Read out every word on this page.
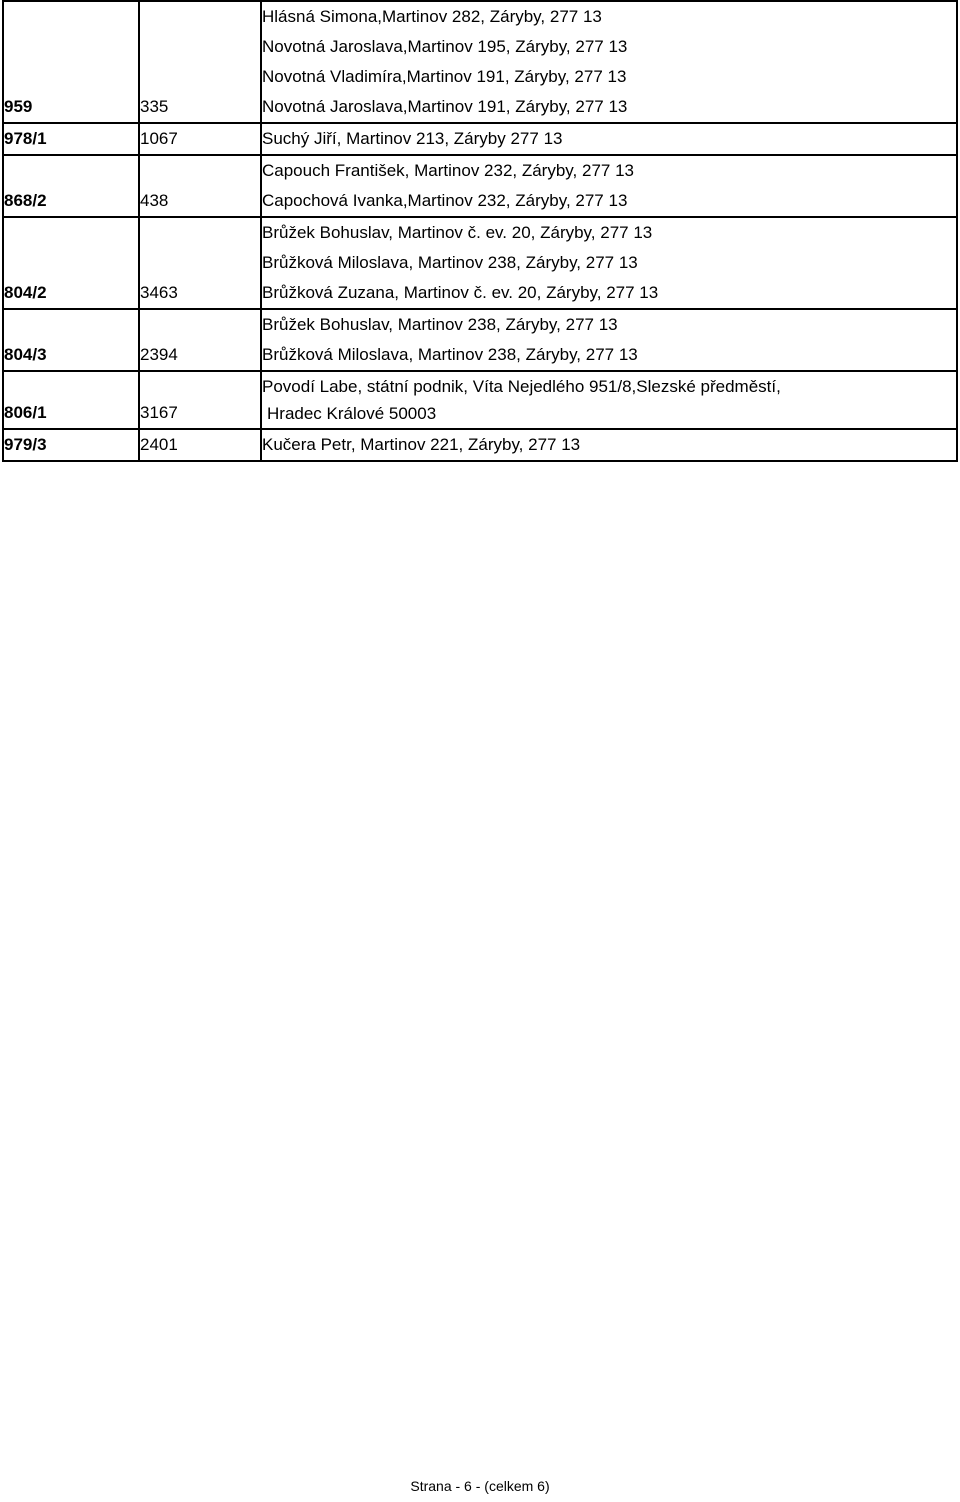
959	335	Hlásná Simona,Martinov 282, Záryby, 277 13
Novotná Jaroslava,Martinov 195, Záryby, 277 13
Novotná Vladimíra,Martinov 191, Záryby, 277 13
Novotná Jaroslava,Martinov 191, Záryby, 277 13

978/1	1067	Suchý Jiří, Martinov 213, Záryby 277 13

868/2	438	Capouch František, Martinov 232, Záryby, 277 13
Capochová Ivanka,Martinov 232, Záryby, 277 13

804/2	3463	Brůžek Bohuslav, Martinov č. ev. 20, Záryby, 277 13
Brůžková Miloslava, Martinov 238, Záryby, 277 13
Brůžková Zuzana, Martinov č. ev. 20, Záryby, 277 13

804/3	2394	Brůžek Bohuslav, Martinov 238, Záryby, 277 13
Brůžková Miloslava, Martinov 238, Záryby, 277 13

806/1	3167	Povodí Labe, státní podnik, Víta Nejedlého 951/8,Slezské předměstí,
Hradec Králové 50003

979/3	2401	Kučera Petr, Martinov 221, Záryby, 277 13
Strana - 6 - (celkem 6)
